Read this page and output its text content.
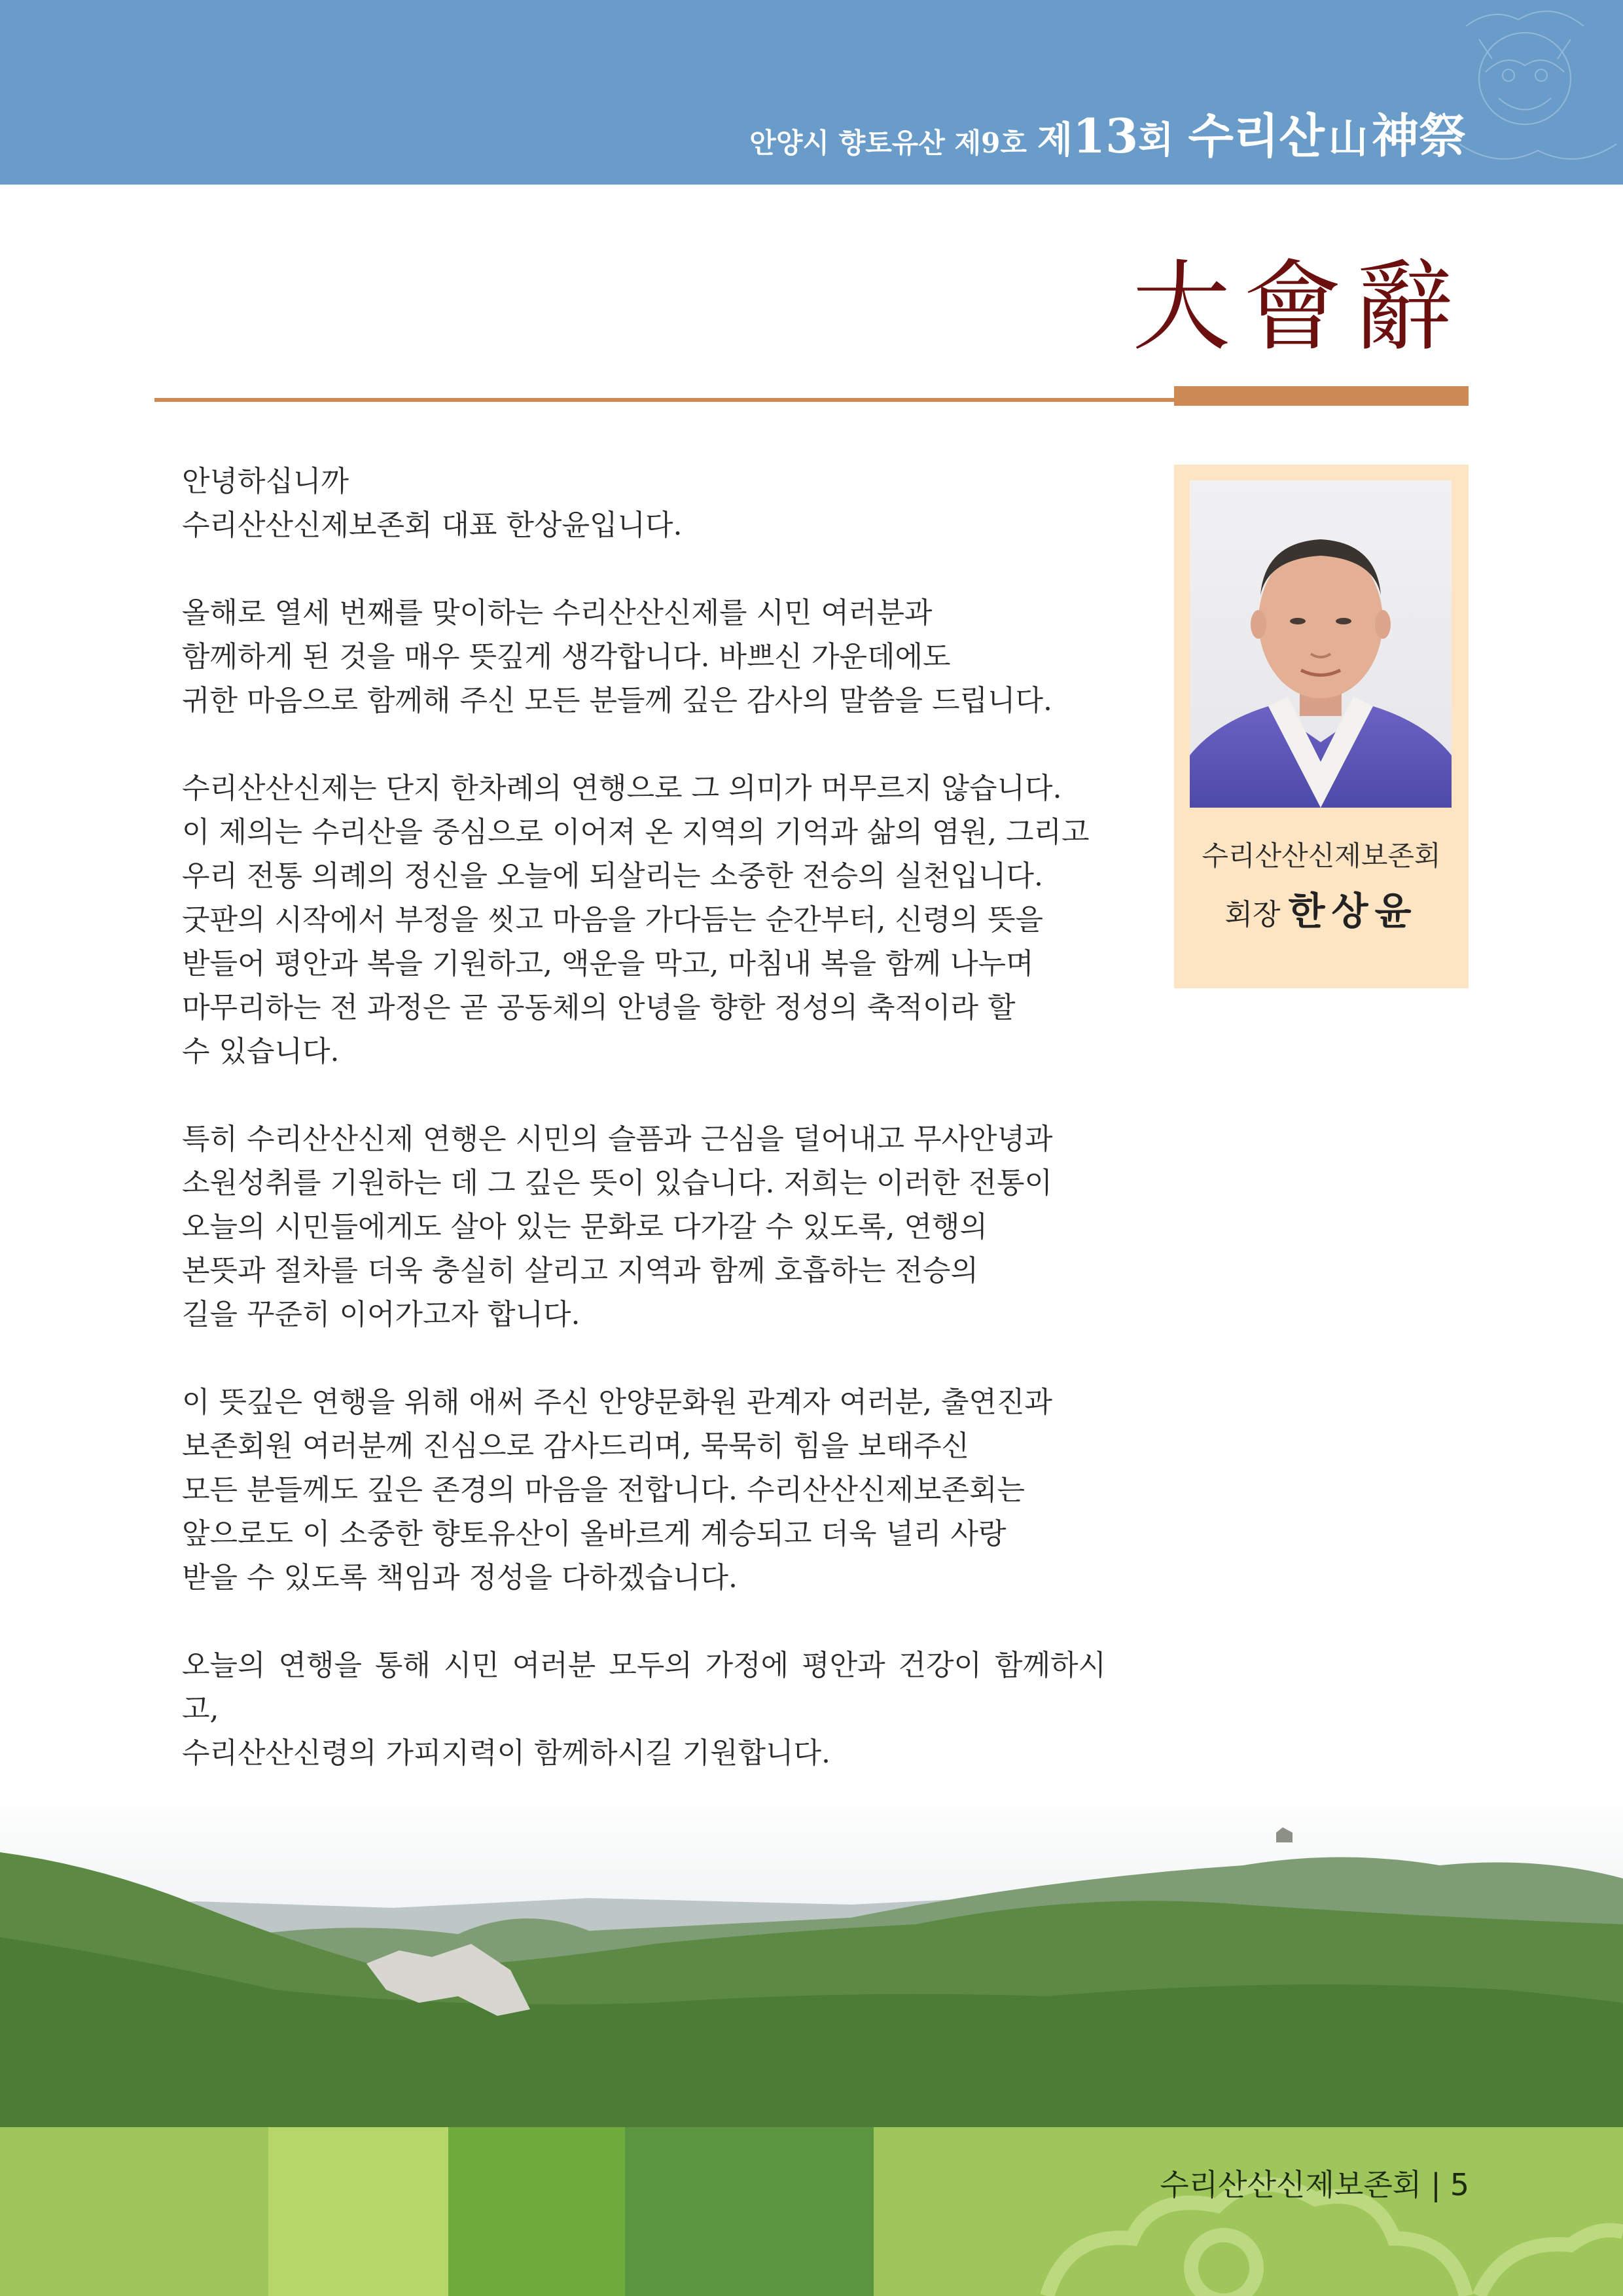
안양시 향토유산 제9호 제13회 수리산 山 神祭
大會辭

안녕하십니까

수리산산신제보존회 대표 한상윤입니다.

올해로 열세 번째를 맞이하는 수리산산신제를 시민 여러분과

함께하게 된 것을 매우 뜻깊게 생각합니다. 바쁘신 가운데에도

귀한 마음으로 함께해 주신 모든 분들께 깊은 감사의 말씀을 드립니다.

수리산산신제는 단지 한차례의 연행으로 그 의미가 머무르지 않습니다.

이 제의는 수리산을 중심으로 이어져 온 지역의 기억과 삶의 염원, 그리고

우리 전통 의례의 정신을 오늘에 되살리는 소중한 전승의 실천입니다.

굿판의 시작에서 부정을 씻고 마음을 가다듬는 순간부터, 신령의 뜻을

받들어 평안과 복을 기원하고, 액운을 막고, 마침내 복을 함께 나누며

마무리하는 전 과정은 곧 공동체의 안녕을 향한 정성의 축적이라 할

수 있습니다.

특히 수리산산신제 연행은 시민의 슬픔과 근심을 덜어내고 무사안녕과

소원성취를 기원하는 데 그 깊은 뜻이 있습니다. 저희는 이러한 전통이

오늘의 시민들에게도 살아 있는 문화로 다가갈 수 있도록, 연행의

본뜻과 절차를 더욱 충실히 살리고 지역과 함께 호흡하는 전승의

길을 꾸준히 이어가고자 합니다.

이 뜻깊은 연행을 위해 애써 주신 안양문화원 관계자 여러분, 출연진과

보존회원 여러분께 진심으로 감사드리며, 묵묵히 힘을 보태주신

모든 분들께도 깊은 존경의 마음을 전합니다. 수리산산신제보존회는

앞으로도 이 소중한 향토유산이 올바르게 계승되고 더욱 널리 사랑

받을 수 있도록 책임과 정성을 다하겠습니다.

오늘의 연행을 통해 시민 여러분 모두의 가정에 평안과 건강이 함께하시고,

수리산산신령의 가피지력이 함께하시길 기원합니다.

수리산산신제보존회
회장 한상윤
수리산산신제보존회 | 5
